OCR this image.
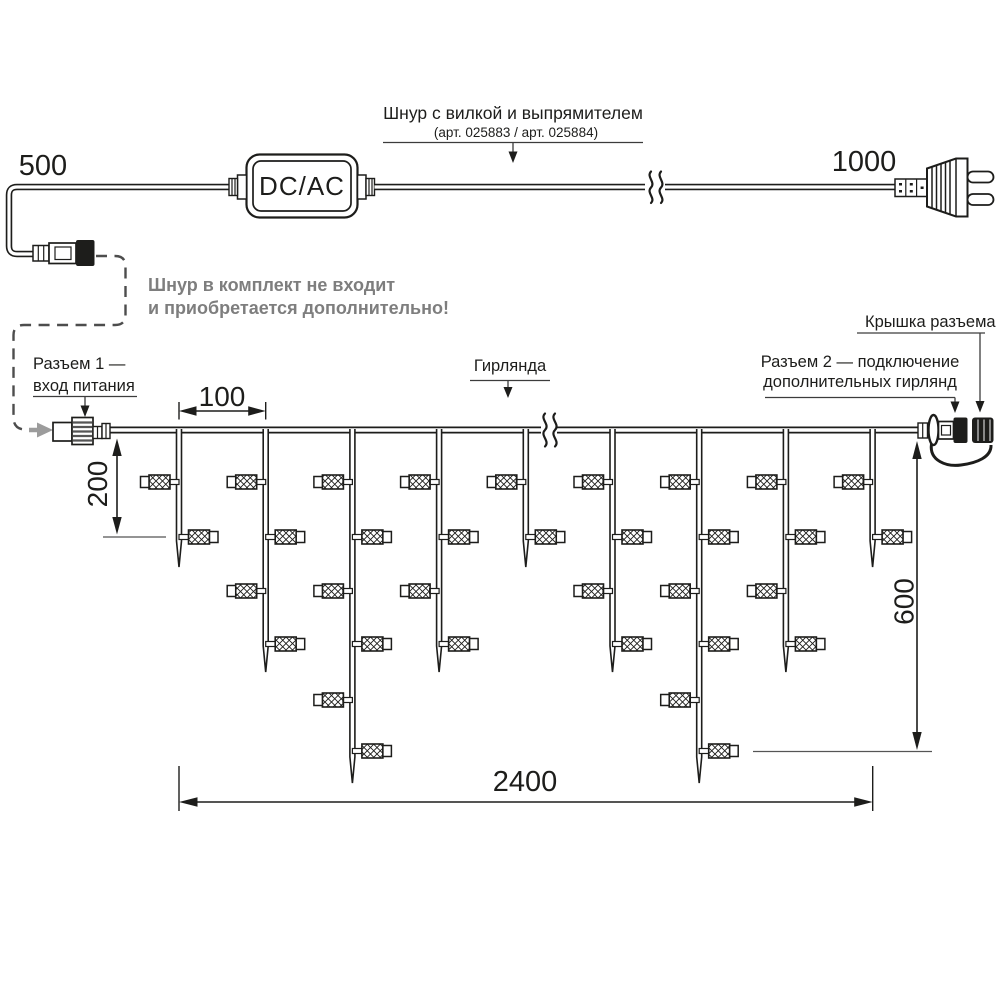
500
DC/AC
1000
Шнур с вилкой и выпрямителем
(арт. 025883 / арт. 025884)
Шнур в комплект не входит
и приобретается дополнительно!
Разъем 1 —
вход питания
Гирлянда
Крышка разъема
Разъем 2 — подключение
дополнительных гирлянд
100
200
600
2400
